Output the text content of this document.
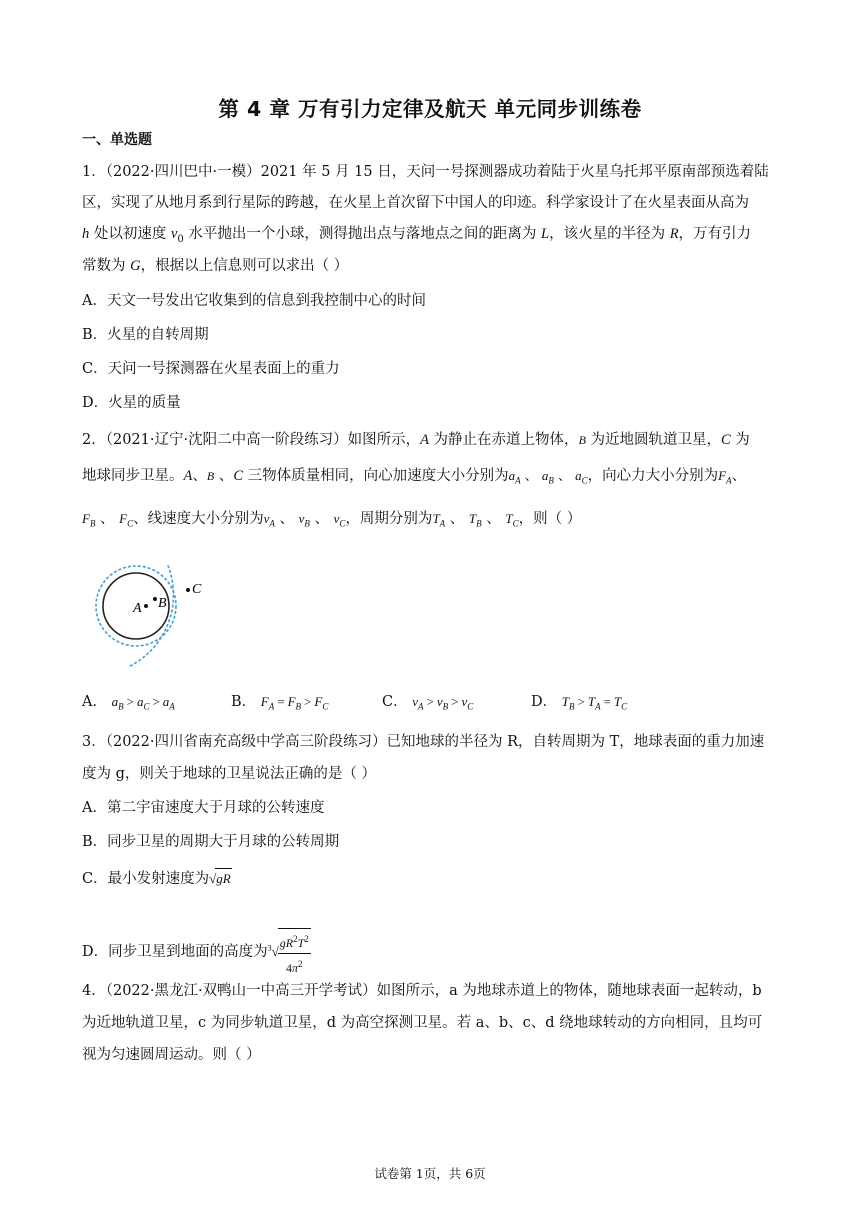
第 4 章 万有引力定律及航天 单元同步训练卷
一、单选题
1．（2022·四川巴中·一模）2021 年 5 月 15 日，天问一号探测器成功着陆于火星乌托邦平原南部预选着陆
区，实现了从地月系到行星际的跨越，在火星上首次留下中国人的印迹。科学家设计了在火星表面从高为
h 处以初速度 $v_0$ 水平抛出一个小球，测得抛出点与落地点之间的距离为 L，该火星的半径为 R，万有引力
常数为 G，根据以上信息则可以求出（ ）
A．天文一号发出它收集到的信息到我控制中心的时间
B．火星的自转周期
C．天问一号探测器在火星表面上的重力
D．火星的质量
2．（2021·辽宁·沈阳二中高一阶段练习）如图所示，A 为静止在赤道上物体，B 为近地圆轨道卫星，C 为
地球同步卫星。A、B 、C 三物体质量相同，向心加速度大小分别为$a_A$ 、 $a_B$ 、 $a_C$，向心力大小分别为$F_A$、
$F_B$ 、 $F_C$、线速度大小分别为$v_A$ 、 $v_B$ 、 $v_C$，周期分别为$T_A$ 、 $T_B$ 、 $T_C$，则（ ）
A B
C
A． $a_B > a_C > a_A$	B． $F_A = F_B > F_C$	C． $v_A > v_B > v_C$	D． $T_B > T_A = T_C$
3．（2022·四川省南充高级中学高三阶段练习）已知地球的半径为 R，自转周期为 T，地球表面的重力加速
度为 g，则关于地球的卫星说法正确的是（ ）
A．第二宇宙速度大于月球的公转速度
B．同步卫星的周期大于月球的公转周期
C．最小发射速度为√gR
D．同步卫星到地面的高度为$^3√ \frac{gR^2T^2}{4\pi^2}$
4．（2022·黑龙江·双鸭山一中高三开学考试）如图所示，a 为地球赤道上的物体，随地球表面一起转动，b
为近地轨道卫星，c 为同步轨道卫星，d 为高空探测卫星。若 a、b、c、d 绕地球转动的方向相同，且均可
视为匀速圆周运动。则（ ）
试卷第 1页，共 6页
